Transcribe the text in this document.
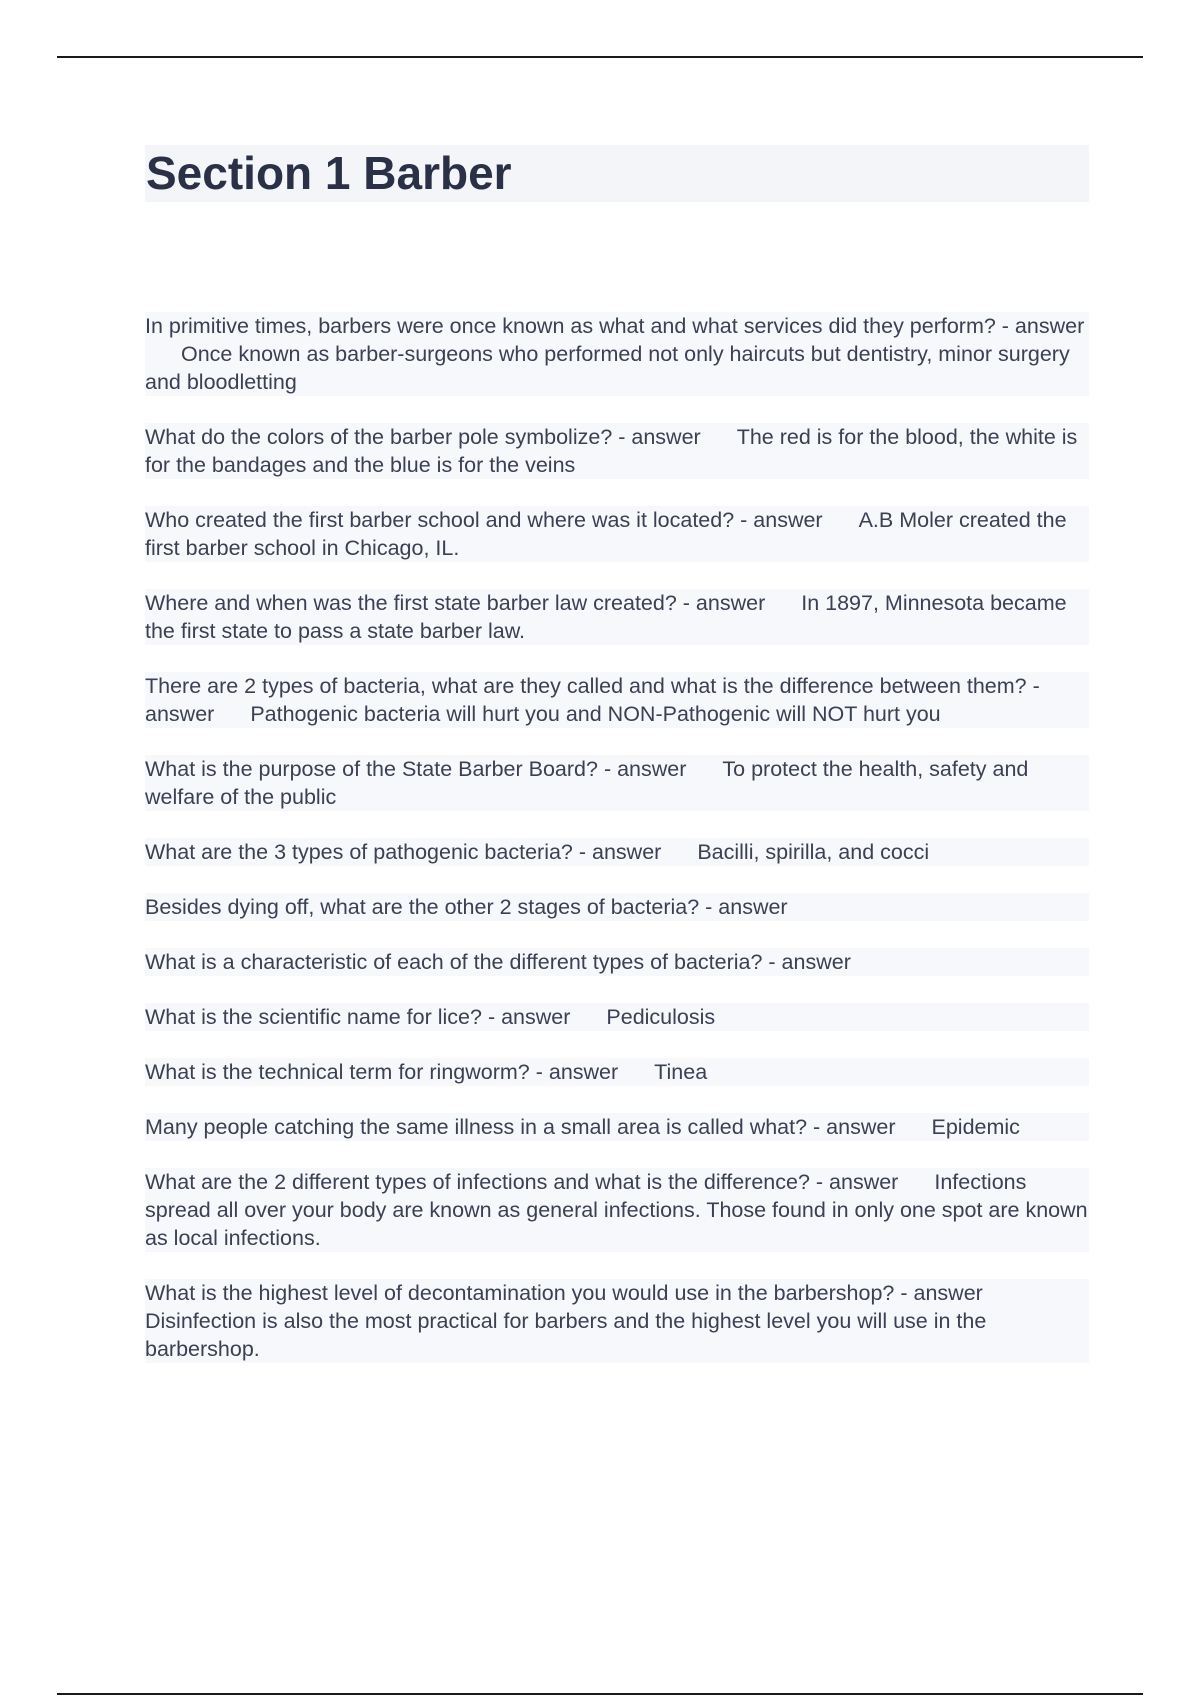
Section 1 Barber

In primitive times, barbers were once known as what and what services did they perform? - answerOnce known as barber-surgeons who performed not only haircuts but dentistry, minor surgery and bloodletting

What do the colors of the barber pole symbolize? - answer The red is for the blood, the white is for the bandages and the blue is for the veins

Who created the first barber school and where was it located? - answer A.B Moler created the first barber school in Chicago, IL.

Where and when was the first state barber law created? - answer In 1897, Minnesota became the first state to pass a state barber law.

There are 2 types of bacteria, what are they called and what is the difference between them? - answer Pathogenic bacteria will hurt you and NON-Pathogenic will NOT hurt you

What is the purpose of the State Barber Board? - answer To protect the health, safety and welfare of the public

What are the 3 types of pathogenic bacteria? - answer Bacilli, spirilla, and cocci

Besides dying off, what are the other 2 stages of bacteria? - answer

What is a characteristic of each of the different types of bacteria? - answer

What is the scientific name for lice? - answer Pediculosis

What is the technical term for ringworm? - answer Tinea

Many people catching the same illness in a small area is called what? - answer Epidemic

What are the 2 different types of infections and what is the difference? - answer Infections spread all over your body are known as general infections. Those found in only one spot are known as local infections.

What is the highest level of decontamination you would use in the barbershop? - answerDisinfection is also the most practical for barbers and the highest level you will use in the barbershop.
